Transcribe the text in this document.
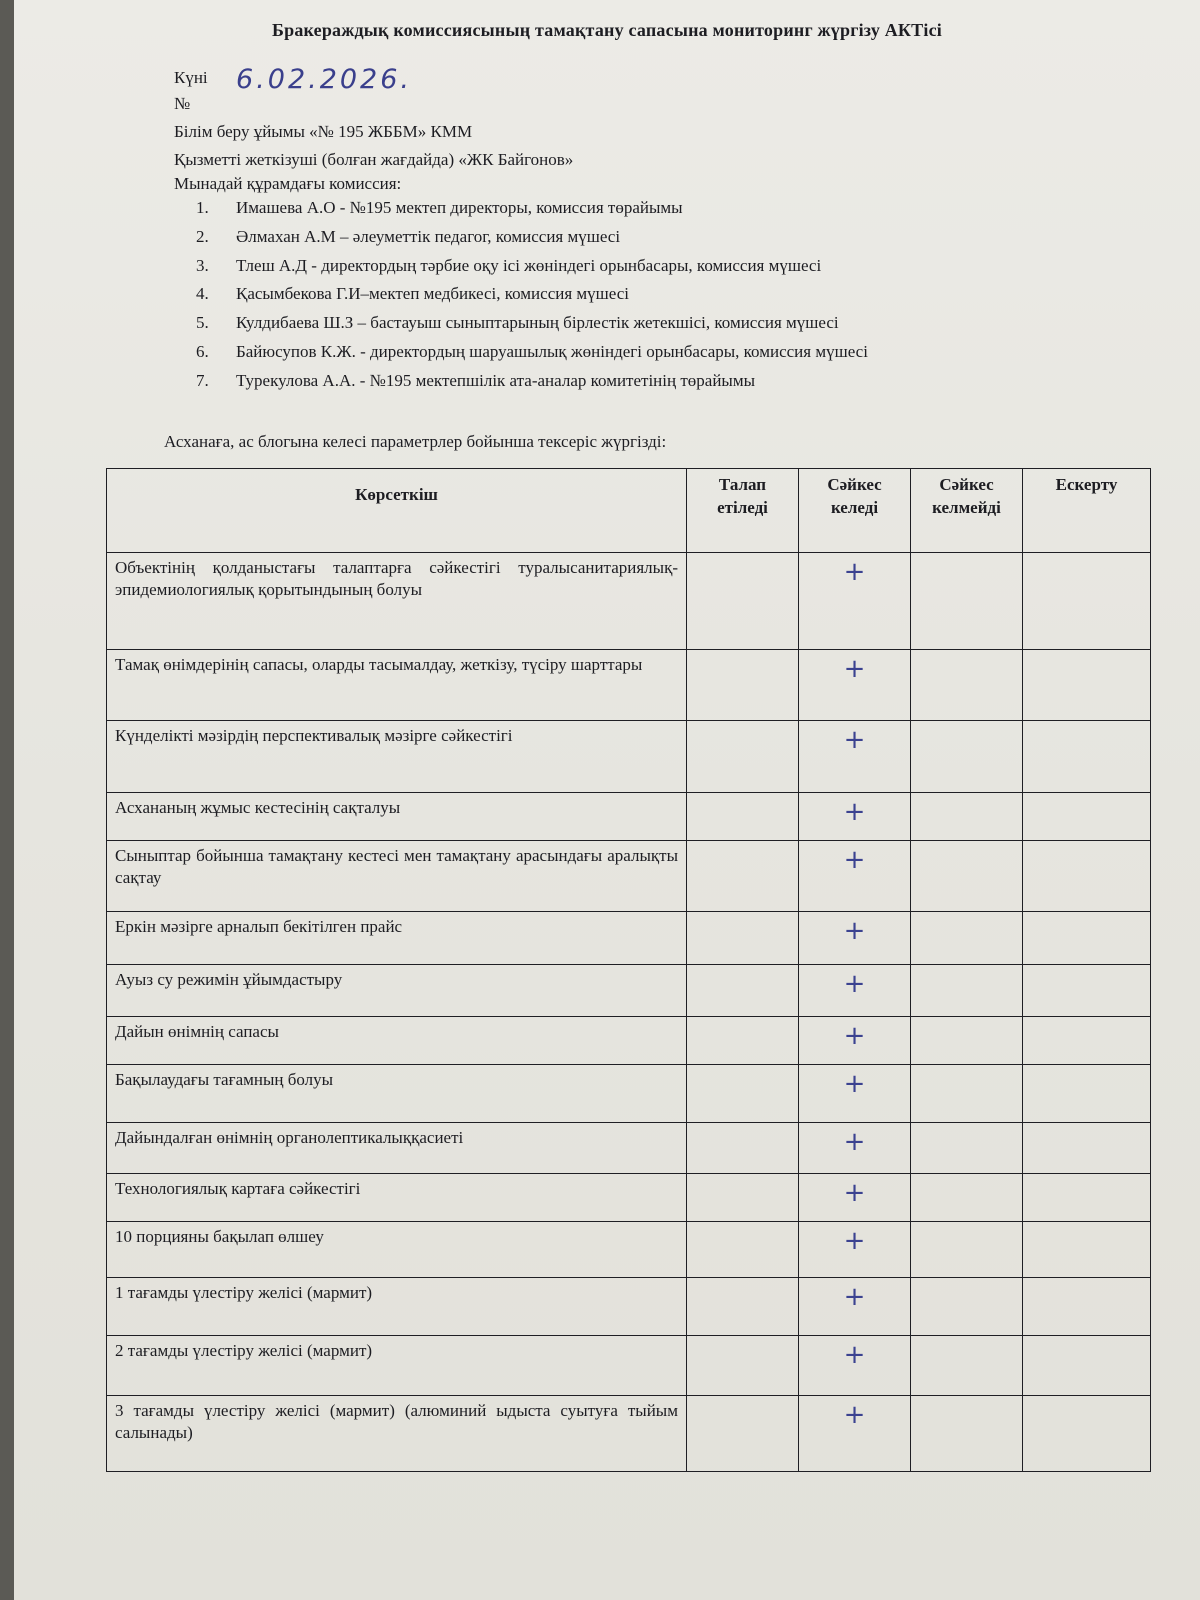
Бракераждық комиссиясының тамақтану сапасына мониторинг жүргізу АКТісі
Күні 6.02.2026.
№
Білім беру ұйымы «№ 195 ЖББМ» КММ
Қызметті жеткізуші (болған жағдайда) «ЖК Байгонов»
Мынадай құрамдағы комиссия:
1. Имашева А.О - №195 мектеп директоры, комиссия төрайымы
2. Әлмахан А.М – әлеуметтік педагог, комиссия мүшесі
3. Тлеш А.Д - директордың тәрбие оқу ісі жөніндегі орынбасары, комиссия мүшесі
4. Қасымбекова Г.И–мектеп медбикесі, комиссия мүшесі
5. Кулдибаева Ш.З – бастауыш сыныптарының бірлестік жетекшісі, комиссия мүшесі
6. Байюсупов К.Ж. - директордың шаруашылық жөніндегі орынбасары, комиссия мүшесі
7. Турекулова А.А. - №195 мектепшілік ата-аналар комитетінің төрайымы
Асханаға, ас блогына келесі параметрлер бойынша тексеріс жүргізді:
Көрсеткіш	Талап етіледі	Сәйкес келеді	Сәйкес келмейді	Ескерту
Объектінің қолданыстағы талаптарға сәйкестігі туралысанитариялық-эпидемиологиялық қорытындының болуы		+		
Тамақ өнімдерінің сапасы, оларды тасымалдау, жеткізу, түсіру шарттары		+		
Күнделікті мәзірдің перспективалық мәзірге сәйкестігі		+		
Асхананың жұмыс кестесінің сақталуы		+		
Сыныптар бойынша тамақтану кестесі мен тамақтану арасындағы аралықты сақтау		+		
Еркін мәзірге арналып бекітілген прайс		+		
Ауыз су режимін ұйымдастыру		+		
Дайын өнімнің сапасы		+		
Бақылаудағы тағамның болуы		+		
Дайындалған өнімнің органолептикалыққасиеті		+		
Технологиялық картаға сәйкестігі		+		
10 порцияны бақылап өлшеу		+		
1 тағамды үлестіру желісі (мармит)		+		
2 тағамды үлестіру желісі (мармит)		+		
3 тағамды үлестіру желісі (мармит) (алюминий ыдыста суытуға тыйым салынады)		+		
